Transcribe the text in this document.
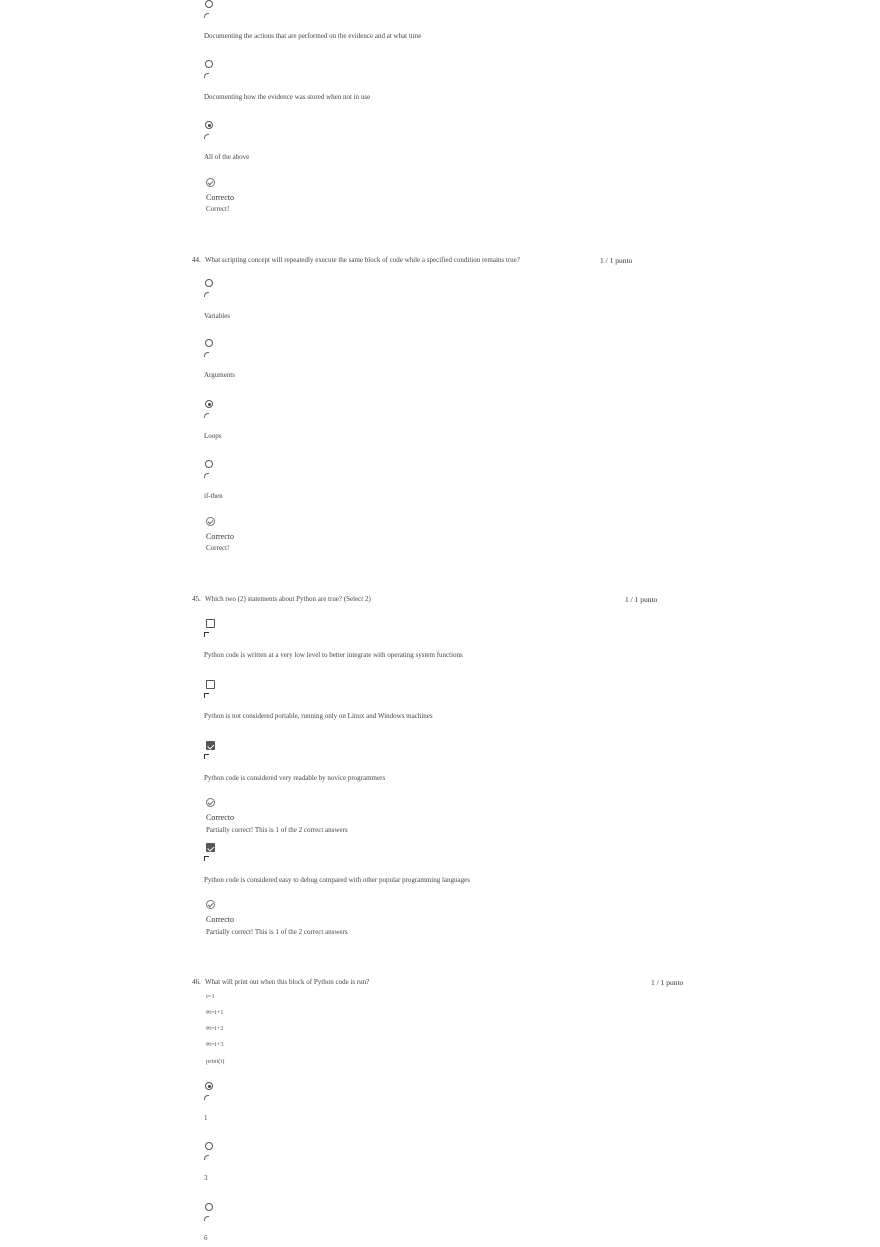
Documenting the actions that are performed on the evidence and at what time
Documenting how the evidence was stored when not in use
All of the above
Correcto
Correct!
44. What scripting concept will repeatedly execute the same block of code while a specified condition remains true?	1 / 1 punto
Variables
Arguments
Loops
if-then
Correcto
Correct!
45. Which two (2) statements about Python are true? (Select 2)	1 / 1 punto
Python code is written at a very low level to better integrate with operating system functions
Python is not considered portable, running only on Linux and Windows machines
Python code is considered very readable by novice programmers
Correcto
Partially correct! This is 1 of the 2 correct answers
Python code is considered easy to debug compared with other popular programming languages
Correcto
Partially correct! This is 1 of the 2 correct answers
46. What will print out when this block of Python code is run?	1 / 1 punto
i=1
#i=i+1
#i=i+2
#i=i+3
print(i)
1
3
6
